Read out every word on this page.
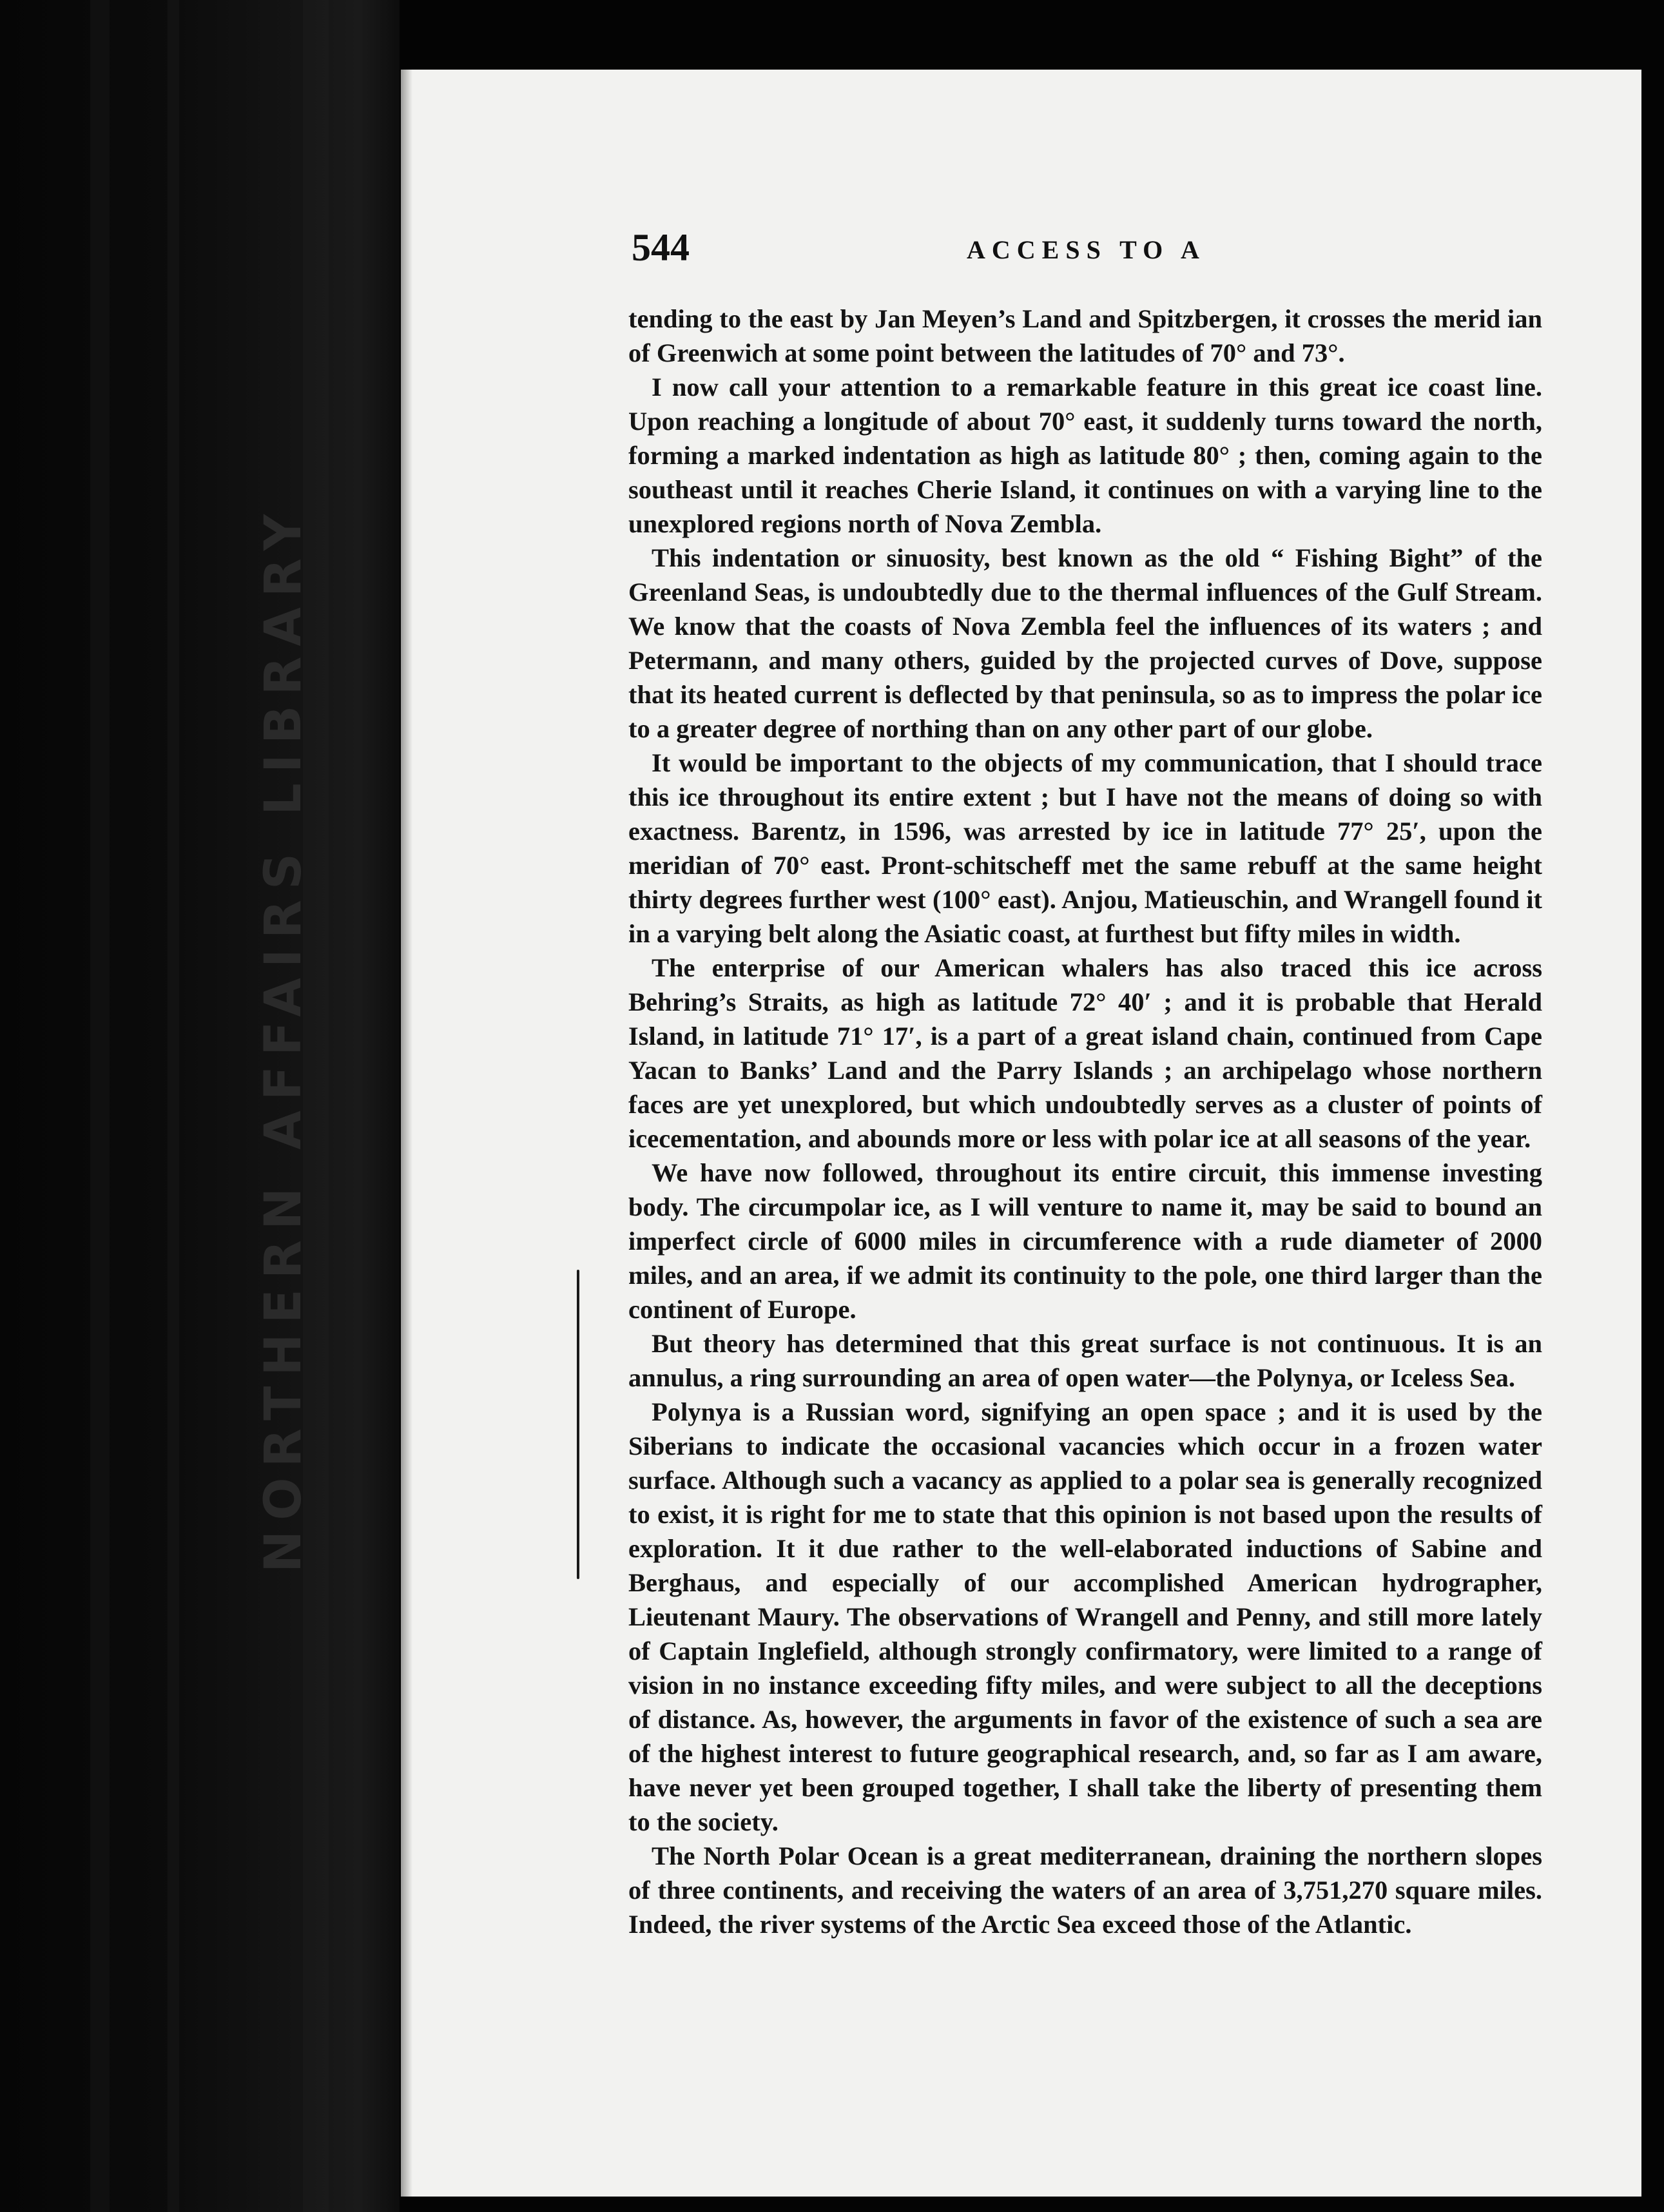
NORTHERN AFFAIRS LIBRARY
544	ACCESS TO A

tending to the east by Jan Meyen’s Land and Spitzbergen, it crosses the merid ian of Greenwich at some point between the latitudes of 70° and 73°.

I now call your attention to a remarkable feature in this great ice coast line. Upon reaching a longitude of about 70° east, it suddenly turns toward the north, forming a marked indentation as high as latitude 80° ; then, coming again to the southeast until it reaches Cherie Island, it continues on with a varying line to the unexplored regions north of Nova Zembla.

This indentation or sinuosity, best known as the old “ Fishing Bight” of the Greenland Seas, is undoubtedly due to the thermal influences of the Gulf Stream. We know that the coasts of Nova Zembla feel the influences of its waters ; and Petermann, and many others, guided by the projected curves of Dove, suppose that its heated current is deflected by that peninsula, so as to impress the polar ice to a greater degree of northing than on any other part of our globe.

It would be important to the objects of my communication, that I should trace this ice throughout its entire extent ; but I have not the means of doing so with exactness. Barentz, in 1596, was arrested by ice in latitude 77° 25′, upon the meridian of 70° east. Pront-schitscheff met the same rebuff at the same height thirty degrees further west (100° east). Anjou, Matieuschin, and Wrangell found it in a varying belt along the Asiatic coast, at furthest but fifty miles in width.

The enterprise of our American whalers has also traced this ice across Behring’s Straits, as high as latitude 72° 40′ ; and it is probable that Herald Island, in latitude 71° 17′, is a part of a great island chain, continued from Cape Yacan to Banks’ Land and the Parry Islands ; an archipelago whose northern faces are yet unexplored, but which undoubtedly serves as a cluster of points of icecementation, and abounds more or less with polar ice at all seasons of the year.

We have now followed, throughout its entire circuit, this immense investing body. The circumpolar ice, as I will venture to name it, may be said to bound an imperfect circle of 6000 miles in circumference with a rude diameter of 2000 miles, and an area, if we admit its continuity to the pole, one third larger than the continent of Europe.

But theory has determined that this great surface is not continuous. It is an annulus, a ring surrounding an area of open water—the Polynya, or Iceless Sea.

Polynya is a Russian word, signifying an open space ; and it is used by the Siberians to indicate the occasional vacancies which occur in a frozen water surface. Although such a vacancy as applied to a polar sea is generally recognized to exist, it is right for me to state that this opinion is not based upon the results of exploration. It it due rather to the well-elaborated inductions of Sabine and Berghaus, and especially of our accomplished American hydrographer, Lieutenant Maury. The observations of Wrangell and Penny, and still more lately of Captain Inglefield, although strongly confirmatory, were limited to a range of vision in no instance exceeding fifty miles, and were subject to all the deceptions of distance. As, however, the arguments in favor of the existence of such a sea are of the highest interest to future geographical research, and, so far as I am aware, have never yet been grouped together, I shall take the liberty of presenting them to the society.

The North Polar Ocean is a great mediterranean, draining the northern slopes of three continents, and receiving the waters of an area of 3,751,270 square miles. Indeed, the river systems of the Arctic Sea exceed those of the Atlantic.
